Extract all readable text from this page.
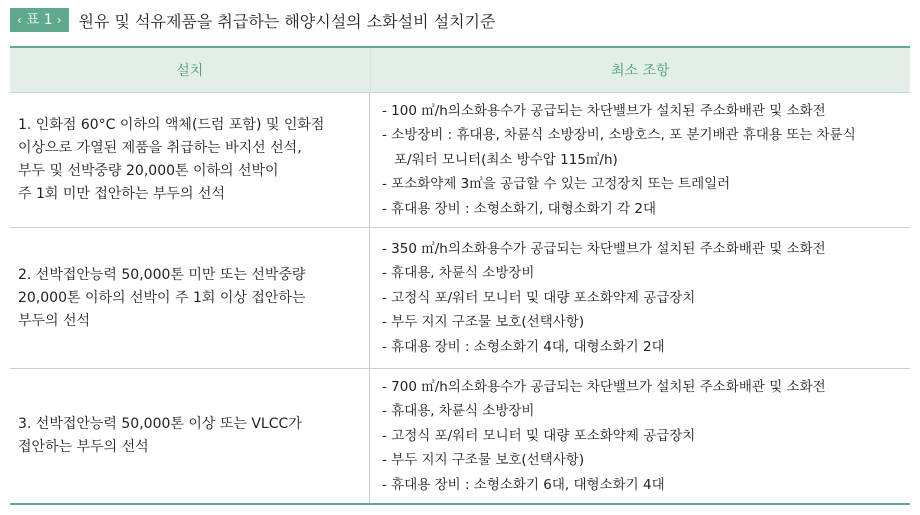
‹ 표 1 › 원유 및 석유제품을 취급하는 해양시설의 소화설비 설치기준
설치	최소 조항
1. 인화점 60°C 이하의 액체(드럼 포함) 및 인화점
이상으로 가열된 제품을 취급하는 바지선 선석,
부두 및 선박중량 20,000톤 이하의 선박이
주 1회 미만 접안하는 부두의 선석
- 100 ㎥/h의소화용수가 공급되는 차단밸브가 설치된 주소화배관 및 소화전
- 소방장비 : 휴대용, 차륜식 소방장비, 소방호스, 포 분기배관 휴대용 또는 차륜식
포/워터 모니터(최소 방수압 115㎥/h)
- 포소화약제 3㎥을 공급할 수 있는 고정장치 또는 트레일러
- 휴대용 장비 : 소형소화기, 대형소화기 각 2대
2. 선박접안능력 50,000톤 미만 또는 선박중량
20,000톤 이하의 선박이 주 1회 이상 접안하는
부두의 선석
- 350 ㎥/h의소화용수가 공급되는 차단밸브가 설치된 주소화배관 및 소화전
- 휴대용, 차륜식 소방장비
- 고정식 포/워터 모니터 및 대량 포소화약제 공급장치
- 부두 지지 구조물 보호(선택사항)
- 휴대용 장비 : 소형소화기 4대, 대형소화기 2대
3. 선박접안능력 50,000톤 이상 또는 VLCC가
접안하는 부두의 선석
- 700 ㎥/h의소화용수가 공급되는 차단밸브가 설치된 주소화배관 및 소화전
- 휴대용, 차륜식 소방장비
- 고정식 포/워터 모니터 및 대량 포소화약제 공급장치
- 부두 지지 구조물 보호(선택사항)
- 휴대용 장비 : 소형소화기 6대, 대형소화기 4대
